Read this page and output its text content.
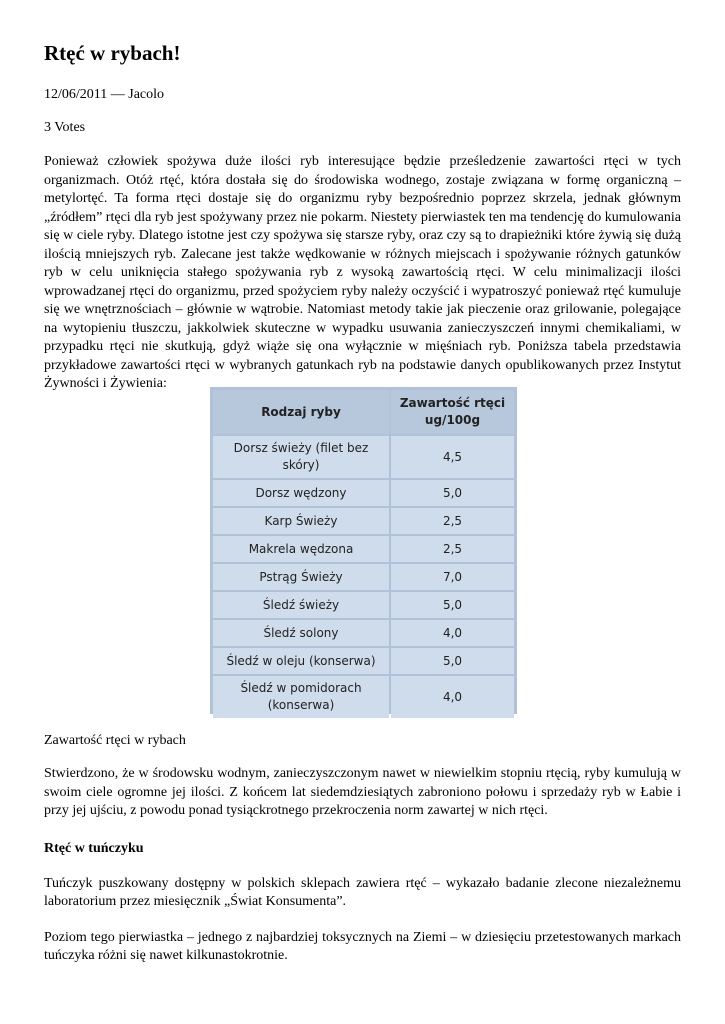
Rtęć w rybach!

12/06/2011 — Jacolo

3 Votes

Ponieważ człowiek spożywa duże ilości ryb interesujące będzie prześledzenie zawartości rtęci w tych organizmach. Otóż rtęć, która dostała się do środowiska wodnego, zostaje związana w formę organiczną – metylortęć. Ta forma rtęci dostaje się do organizmu ryby bezpośrednio poprzez skrzela, jednak głównym „źródłem” rtęci dla ryb jest spożywany przez nie pokarm. Niestety pierwiastek ten ma tendencję do kumulowania się w ciele ryby. Dlatego istotne jest czy spożywa się starsze ryby, oraz czy są to drapieżniki które żywią się dużą ilością mniejszych ryb. Zalecane jest także wędkowanie w różnych miejscach i spożywanie różnych gatunków ryb w celu uniknięcia stałego spożywania ryb z wysoką zawartością rtęci. W celu minimalizacji ilości wprowadzanej rtęci do organizmu, przed spożyciem ryby należy oczyścić i wypatroszyć ponieważ rtęć kumuluje się we wnętrznościach – głównie w wątrobie. Natomiast metody takie jak pieczenie oraz grilowanie, polegające na wytopieniu tłuszczu, jakkolwiek skuteczne w wypadku usuwania zanieczyszczeń innymi chemikaliami, w przypadku rtęci nie skutkują, gdyż wiąże się ona wyłącznie w mięśniach ryb. Poniższa tabela przedstawia przykładowe zawartości rtęci w wybranych gatunkach ryb na podstawie danych opublikowanych przez Instytut Żywności i Żywienia:

Rodzaj ryby	Zawartość rtęci
ug/100g
Dorsz świeży (filet bez
skóry)	4,5
Dorsz wędzony	5,0
Karp Świeży	2,5
Makrela wędzona	2,5
Pstrąg Świeży	7,0
Śledź świeży	5,0
Śledź solony	4,0
Śledź w oleju (konserwa)	5,0
Śledź w pomidorach
(konserwa)	4,0

Zawartość rtęci w rybach

Stwierdzono, że w środowsku wodnym, zanieczyszczonym nawet w niewielkim stopniu rtęcią, ryby kumulują w swoim ciele ogromne jej ilości. Z końcem lat siedemdziesiątych zabroniono połowu i sprzedaży ryb w Łabie i przy jej ujściu, z powodu ponad tysiąckrotnego przekroczenia norm zawartej w nich rtęci.

Rtęć w tuńczyku

Tuńczyk puszkowany dostępny w polskich sklepach zawiera rtęć – wykazało badanie zlecone niezależnemu laboratorium przez miesięcznik „Świat Konsumenta”.

Poziom tego pierwiastka – jednego z najbardziej toksycznych na Ziemi – w dziesięciu przetestowanych markach tuńczyka różni się nawet kilkunastokrotnie.
